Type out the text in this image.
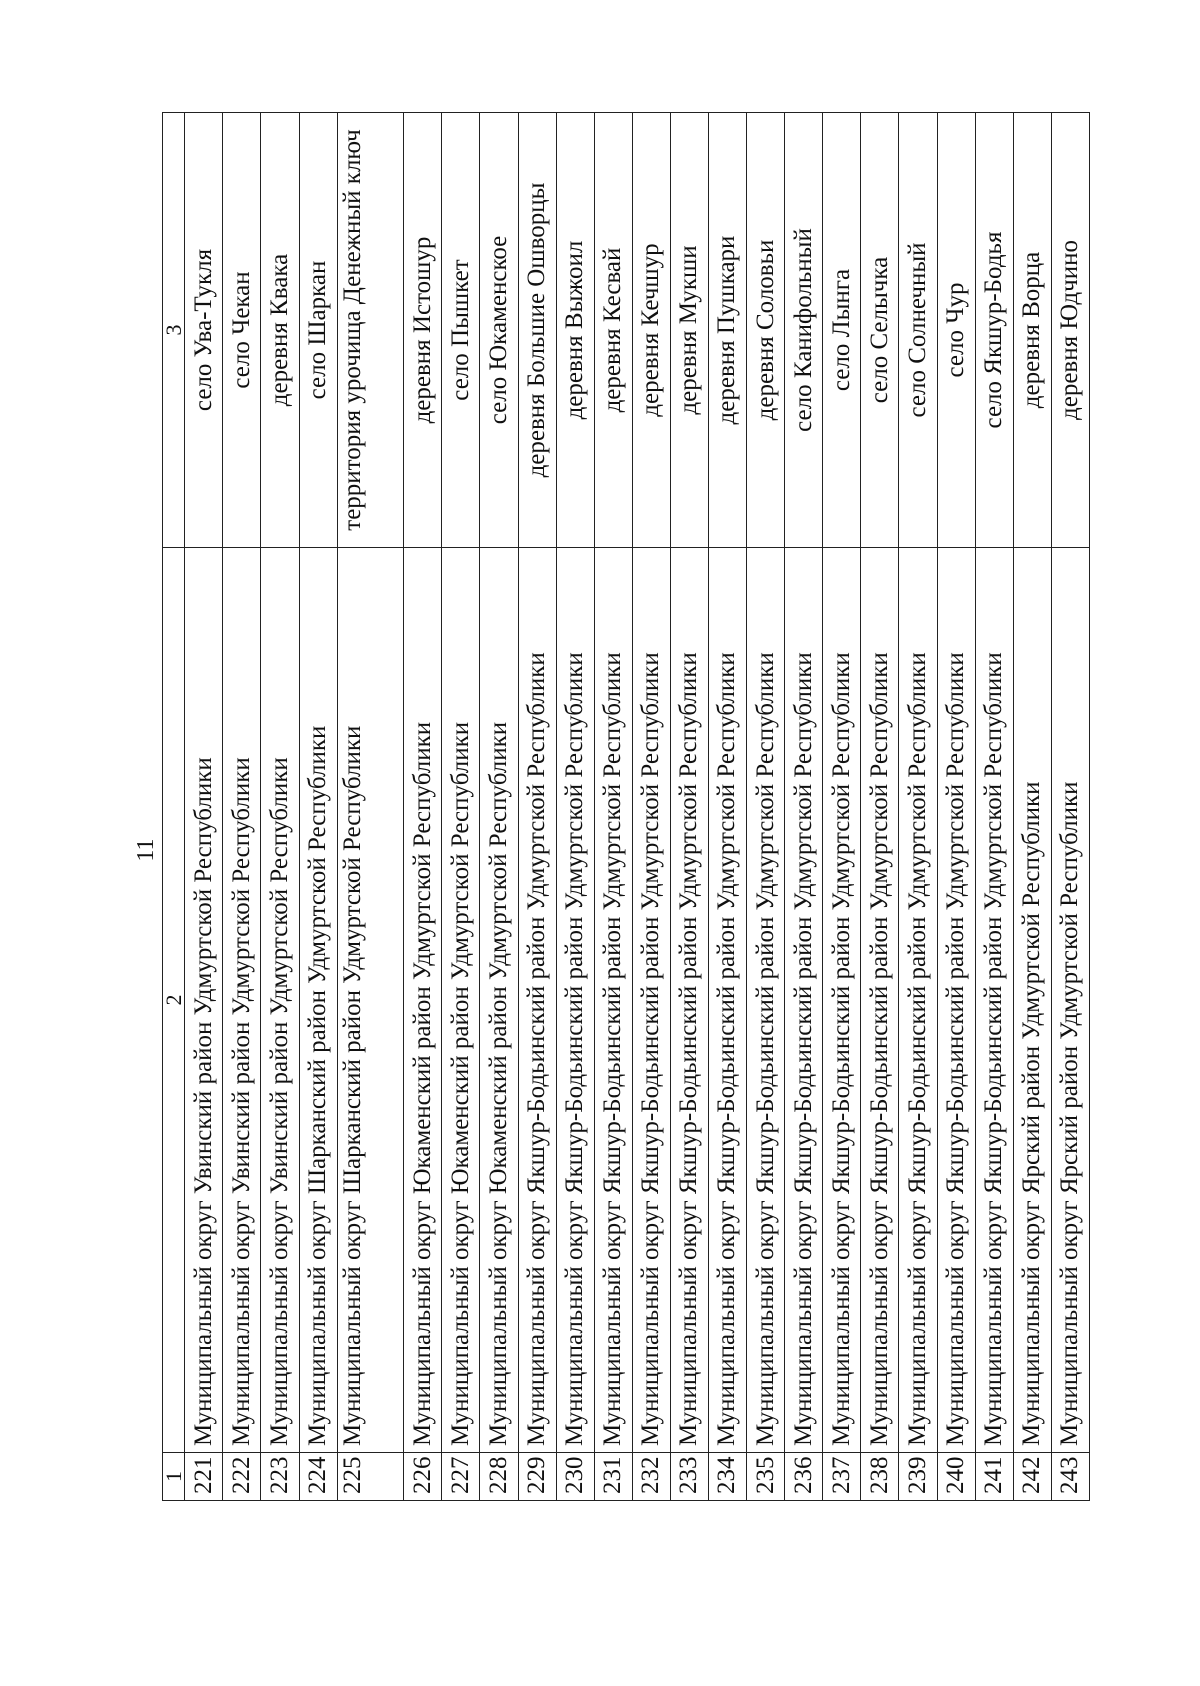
11
1	2	3
221	Муниципальный округ Увинский район Удмуртской Республики	село Ува-Тукля
222	Муниципальный округ Увинский район Удмуртской Республики	село Чекан
223	Муниципальный округ Увинский район Удмуртской Республики	деревня Квака
224	Муниципальный округ Шарканский район Удмуртской Республики	село Шаркан
225	Муниципальный округ Шарканский район Удмуртской Республики	территория урочища Денежный ключ
226	Муниципальный округ Юкаменский район Удмуртской Республики	деревня Истошур
227	Муниципальный округ Юкаменский район Удмуртской Республики	село Пышкет
228	Муниципальный округ Юкаменский район Удмуртской Республики	село Юкаменское
229	Муниципальный округ Якшур-Бодьинский район Удмуртской Республики	деревня Большие Ошворцы
230	Муниципальный округ Якшур-Бодьинский район Удмуртской Республики	деревня Выжоил
231	Муниципальный округ Якшур-Бодьинский район Удмуртской Республики	деревня Кесвай
232	Муниципальный округ Якшур-Бодьинский район Удмуртской Республики	деревня Кечшур
233	Муниципальный округ Якшур-Бодьинский район Удмуртской Республики	деревня Мукши
234	Муниципальный округ Якшур-Бодьинский район Удмуртской Республики	деревня Пушкари
235	Муниципальный округ Якшур-Бодьинский район Удмуртской Республики	деревня Соловьи
236	Муниципальный округ Якшур-Бодьинский район Удмуртской Республики	село Канифольный
237	Муниципальный округ Якшур-Бодьинский район Удмуртской Республики	село Лынга
238	Муниципальный округ Якшур-Бодьинский район Удмуртской Республики	село Селычка
239	Муниципальный округ Якшур-Бодьинский район Удмуртской Республики	село Солнечный
240	Муниципальный округ Якшур-Бодьинский район Удмуртской Республики	село Чур
241	Муниципальный округ Якшур-Бодьинский район Удмуртской Республики	село Якшур-Бодья
242	Муниципальный округ Ярский район Удмуртской Республики	деревня Ворца
243	Муниципальный округ Ярский район Удмуртской Республики	деревня Юдчино
